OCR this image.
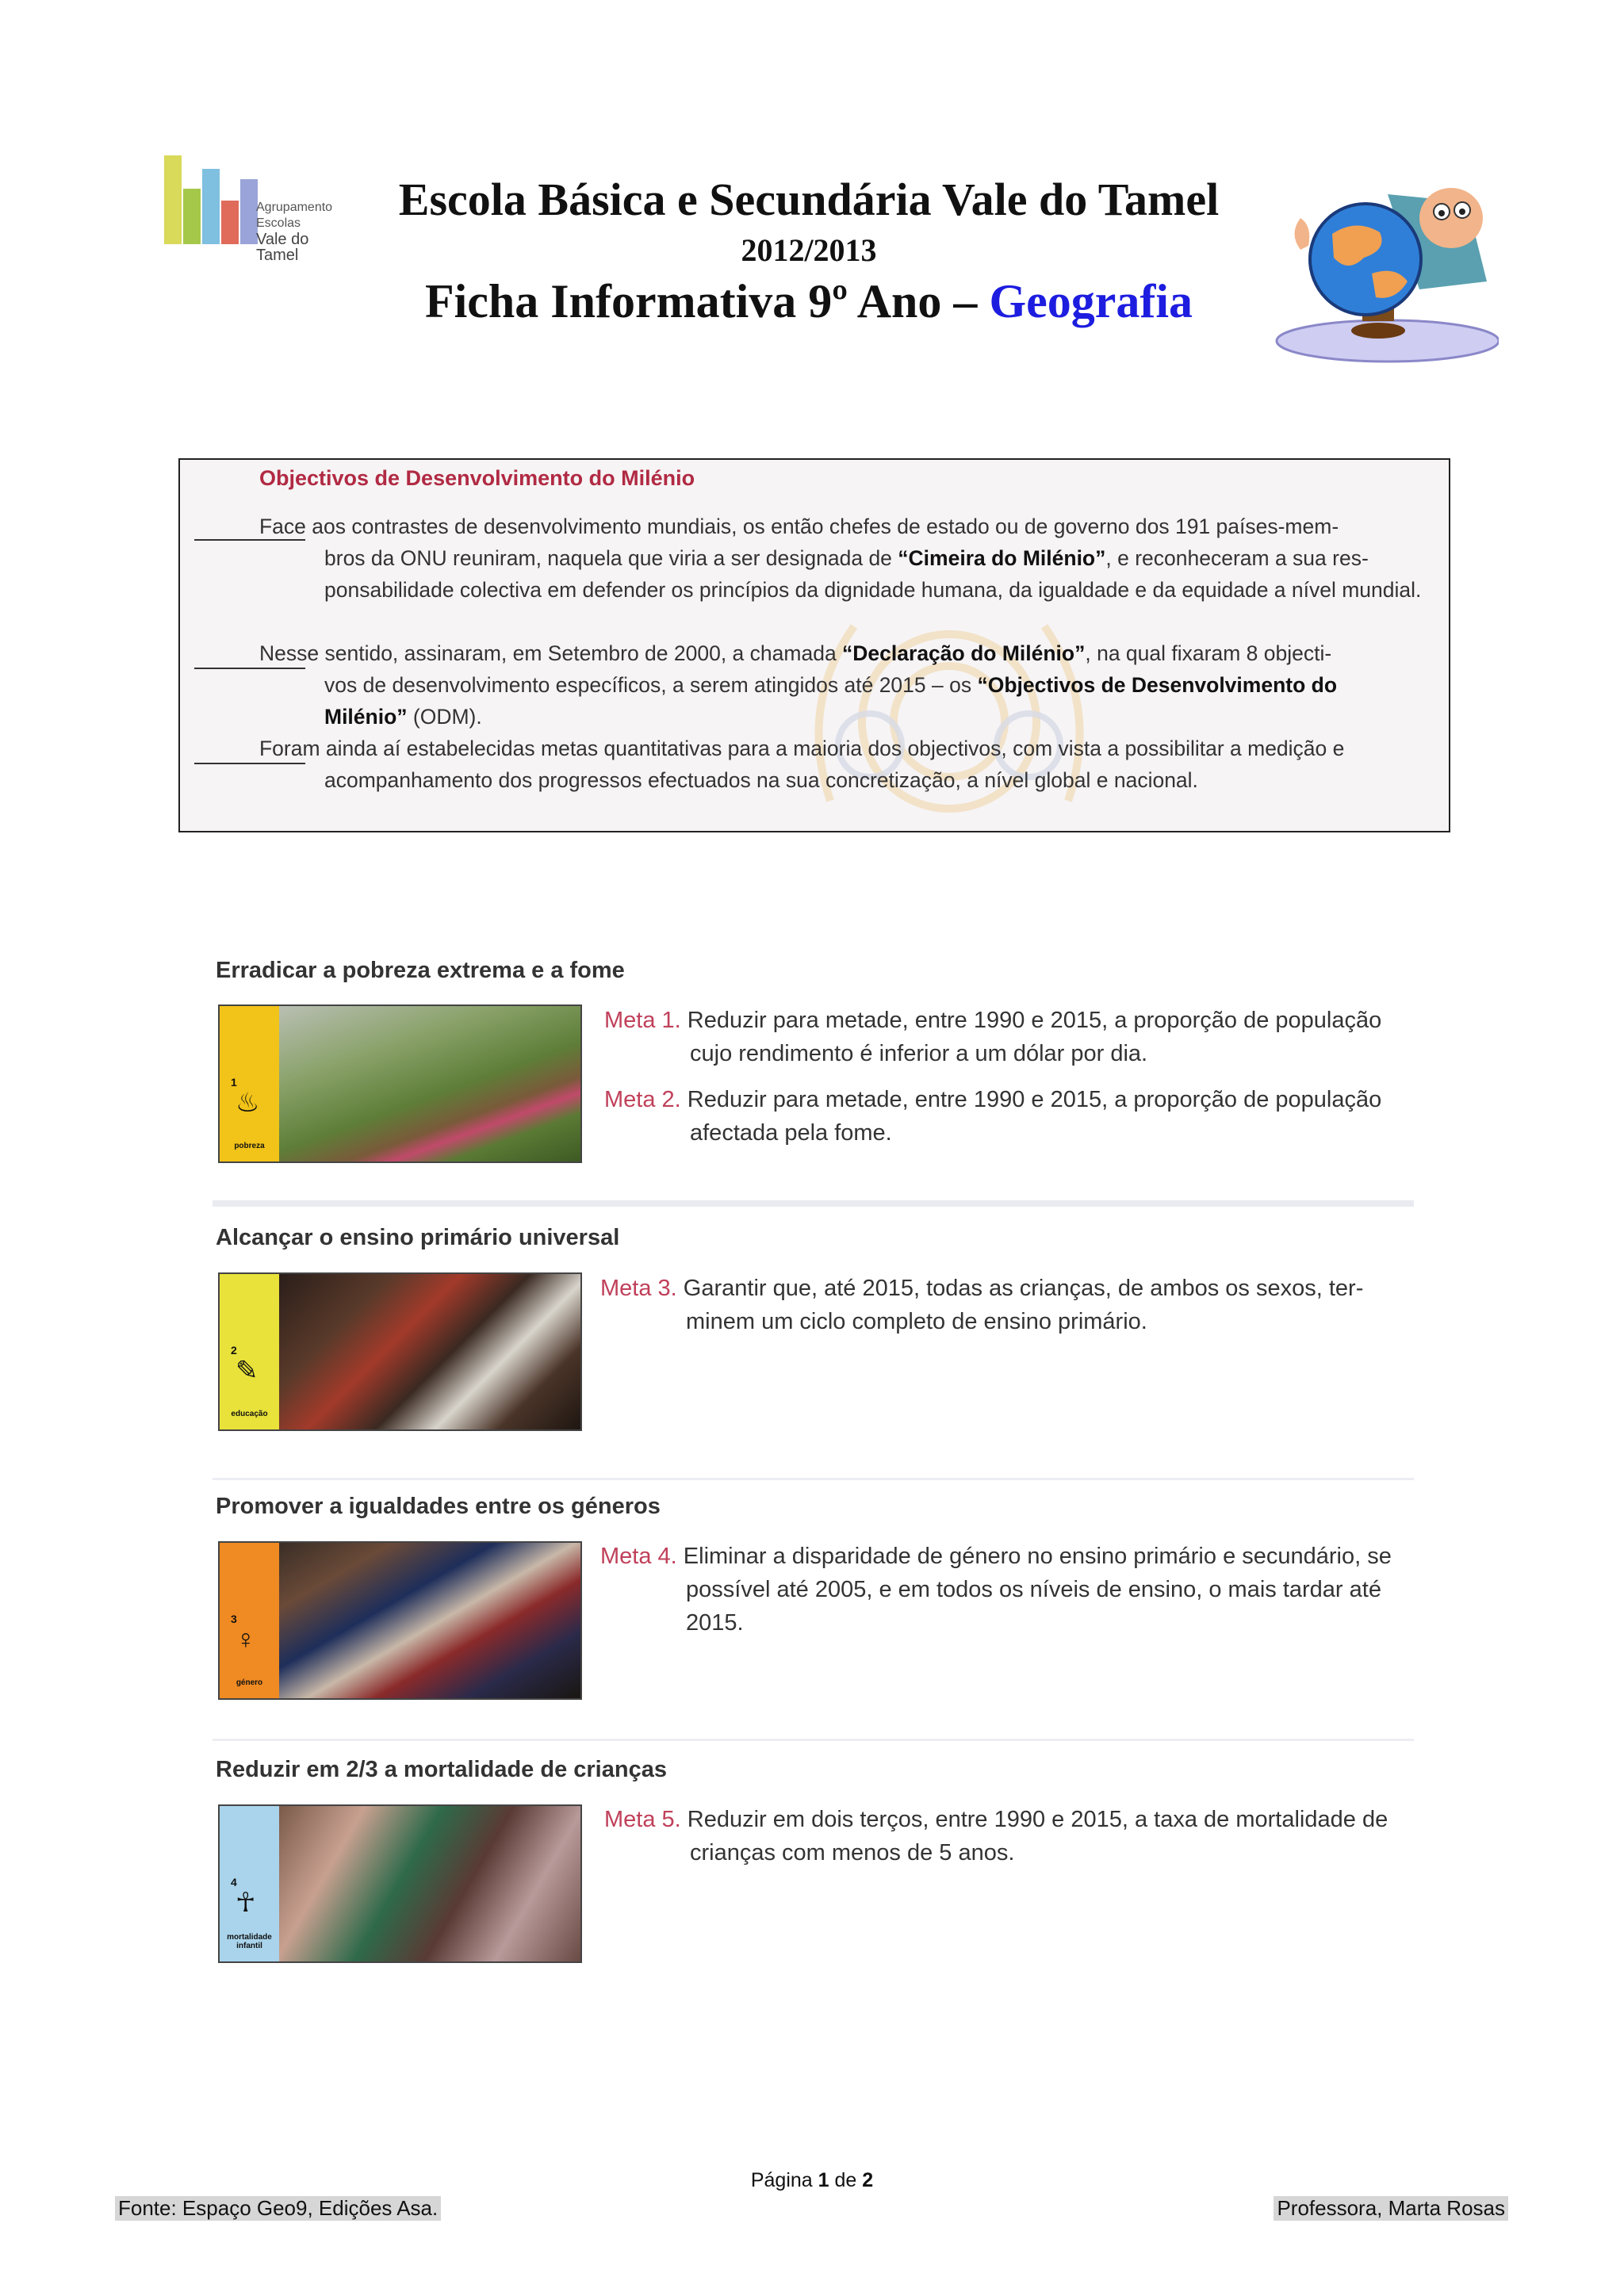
Agrupamento Escolas
Vale do Tamel
Escola Básica e Secundária Vale do Tamel
2012/2013
Ficha Informativa 9º Ano – Geografia
Objectivos de Desenvolvimento do Milénio
Face aos contrastes de desenvolvimento mundiais, os então chefes de estado ou de governo dos 191 países-mem-
bros da ONU reuniram, naquela que viria a ser designada de “Cimeira do Milénio”, e reconheceram a sua res-ponsabilidade colectiva em defender os princípios da dignidade humana, da igualdade e da equidade a nível mundial.
Nesse sentido, assinaram, em Setembro de 2000, a chamada “Declaração do Milénio”, na qual fixaram 8 objecti-
vos de desenvolvimento específicos, a serem atingidos até 2015 – os “Objectivos de Desenvolvimento do Milénio” (ODM).
Foram ainda aí estabelecidas metas quantitativas para a maioria dos objectivos, com vista a possibilitar a medição e
acompanhamento dos progressos efectuados na sua concretização, a nível global e nacional.
Erradicar a pobreza extrema e a fome
1
♨
pobreza
Meta 1. Reduzir para metade, entre 1990 e 2015, a proporção de população cujo rendimento é inferior a um dólar por dia.
Meta 2. Reduzir para metade, entre 1990 e 2015, a proporção de população afectada pela fome.
Alcançar o ensino primário universal
2
✎
educação
Meta 3. Garantir que, até 2015, todas as crianças, de ambos os sexos, ter-minem um ciclo completo de ensino primário.
Promover a igualdades entre os géneros
3
♀
género
Meta 4. Eliminar a disparidade de género no ensino primário e secundário, se possível até 2005, e em todos os níveis de ensino, o mais tardar até 2015.
Reduzir em 2/3 a mortalidade de crianças
4
☥
mortalidade infantil
Meta 5. Reduzir em dois terços, entre 1990 e 2015, a taxa de mortalidade de crianças com menos de 5 anos.
Página 1 de 2
Fonte: Espaço Geo9, Edições Asa.	Professora, Marta Rosas
